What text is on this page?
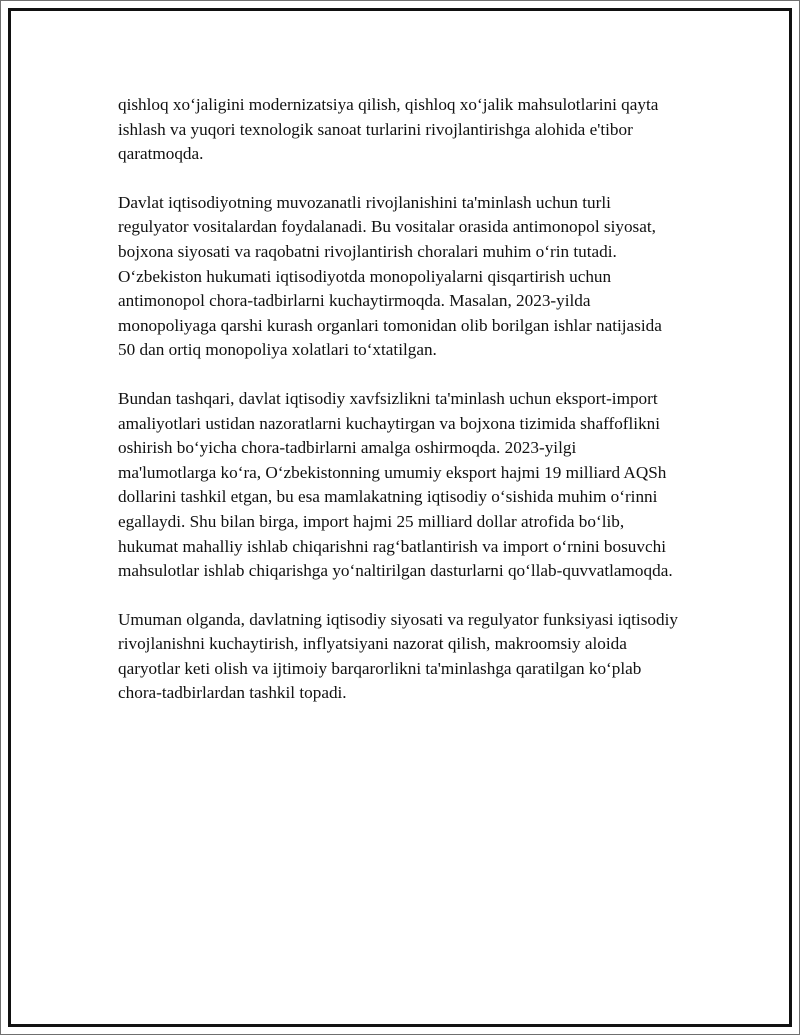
qishloq xo‘jaligini modernizatsiya qilish, qishloq xo‘jalik mahsulotlarini qayta ishlash va yuqori texnologik sanoat turlarini rivojlantirishga alohida e'tibor qaratmoqda.

Davlat iqtisodiyotning muvozanatli rivojlanishini ta'minlash uchun turli regulyator vositalardan foydalanadi. Bu vositalar orasida antimonopol siyosat, bojxona siyosati va raqobatni rivojlantirish choralari muhim o‘rin tutadi. O‘zbekiston hukumati iqtisodiyotda monopoliyalarni qisqartirish uchun antimonopol chora-tadbirlarni kuchaytirmoqda. Masalan, 2023-yilda monopoliyaga qarshi kurash organlari tomonidan olib borilgan ishlar natijasida 50 dan ortiq monopoliya xolatlari to‘xtatilgan.

Bundan tashqari, davlat iqtisodiy xavfsizlikni ta'minlash uchun eksport-import amaliyotlari ustidan nazoratlarni kuchaytirgan va bojxona tizimida shaffoflikni oshirish bo‘yicha chora-tadbirlarni amalga oshirmoqda. 2023-yilgi ma'lumotlarga ko‘ra, O‘zbekistonning umumiy eksport hajmi 19 milliard AQSh dollarini tashkil etgan, bu esa mamlakatning iqtisodiy o‘sishida muhim o‘rinni egallaydi. Shu bilan birga, import hajmi 25 milliard dollar atrofida bo‘lib, hukumat mahalliy ishlab chiqarishni rag‘batlantirish va import o‘rnini bosuvchi mahsulotlar ishlab chiqarishga yo‘naltirilgan dasturlarni qo‘llab-quvvatlamoqda.

Umuman olganda, davlatning iqtisodiy siyosati va regulyator funksiyasi iqtisodiy rivojlanishni kuchaytirish, inflyatsiyani nazorat qilish, makroomsiy aloida qaryotlar keti olish va ijtimoiy barqarorlikni ta'minlashga qaratilgan ko‘plab chora-tadbirlardan tashkil topadi.
